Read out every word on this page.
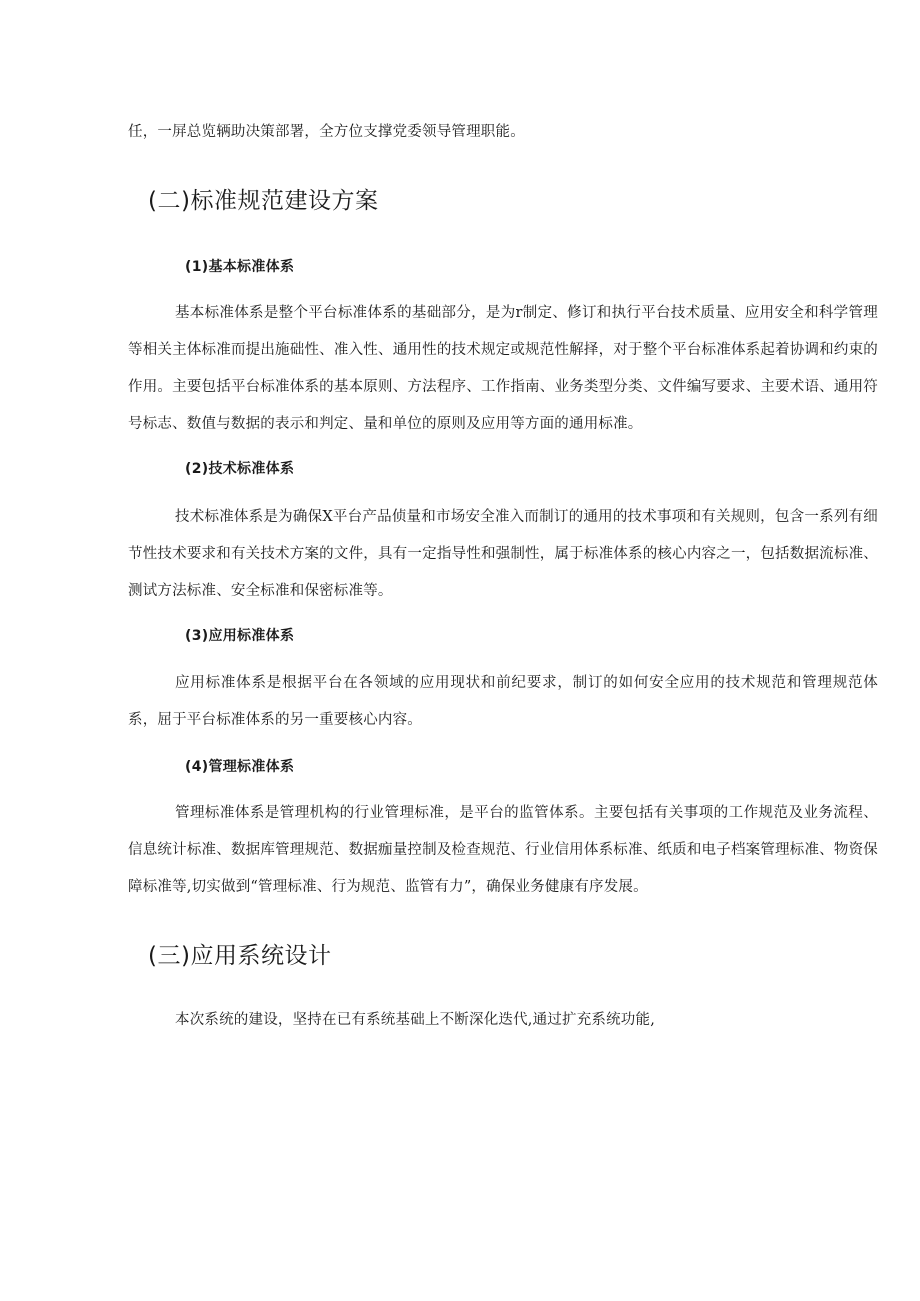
任，一屏总览辆助决策部署，全方位支撑党委领导管理职能。

(二)标准规范建设方案
(1)基本标准体系

基本标准体系是整个平台标准体系的基础部分，是为r制定、修订和执行平台技术质量、应用安全和科学管理等相关主体标准而提出施础性、准入性、通用性的技术规定或规范性解择，对于整个平台标准体系起着协调和约束的作用。主要包括平台标准体系的基本原则、方法程序、工作指南、业务类型分类、文件编写要求、主要术语、通用符号标志、数值与数据的表示和判定、量和单位的原则及应用等方面的通用标准。

(2)技术标准体系

技术标准体系是为确保X平台产品侦量和市场安全准入而制订的通用的技术事项和有关规则，包含一系列有细节性技术要求和有关技术方案的文件，具有一定指导性和强制性，属于标准体系的核心内容之一，包括数据流标准、测试方法标准、安全标准和保密标准等。

(3)应用标准体系

应用标准体系是根据平台在各领域的应用现状和前纪要求，制订的如何安全应用的技术规范和管理规范体系，屈于平台标准体系的另一重要核心内容。

(4)管理标准体系

管理标准体系是管理机构的行业管理标准，是平台的监管体系。主要包括有关事项的工作规范及业务流程、信息统计标准、数据库管理规范、数据痂量控制及检查规范、行业信用体系标准、纸质和电子档案管理标准、物资保障标准等,切实做到“管理标准、行为规范、监管有力”，确保业务健康有序发展。

(三)应用系统设计

本次系统的建设，坚持在已有系统基础上不断深化迭代,通过扩充系统功能,
